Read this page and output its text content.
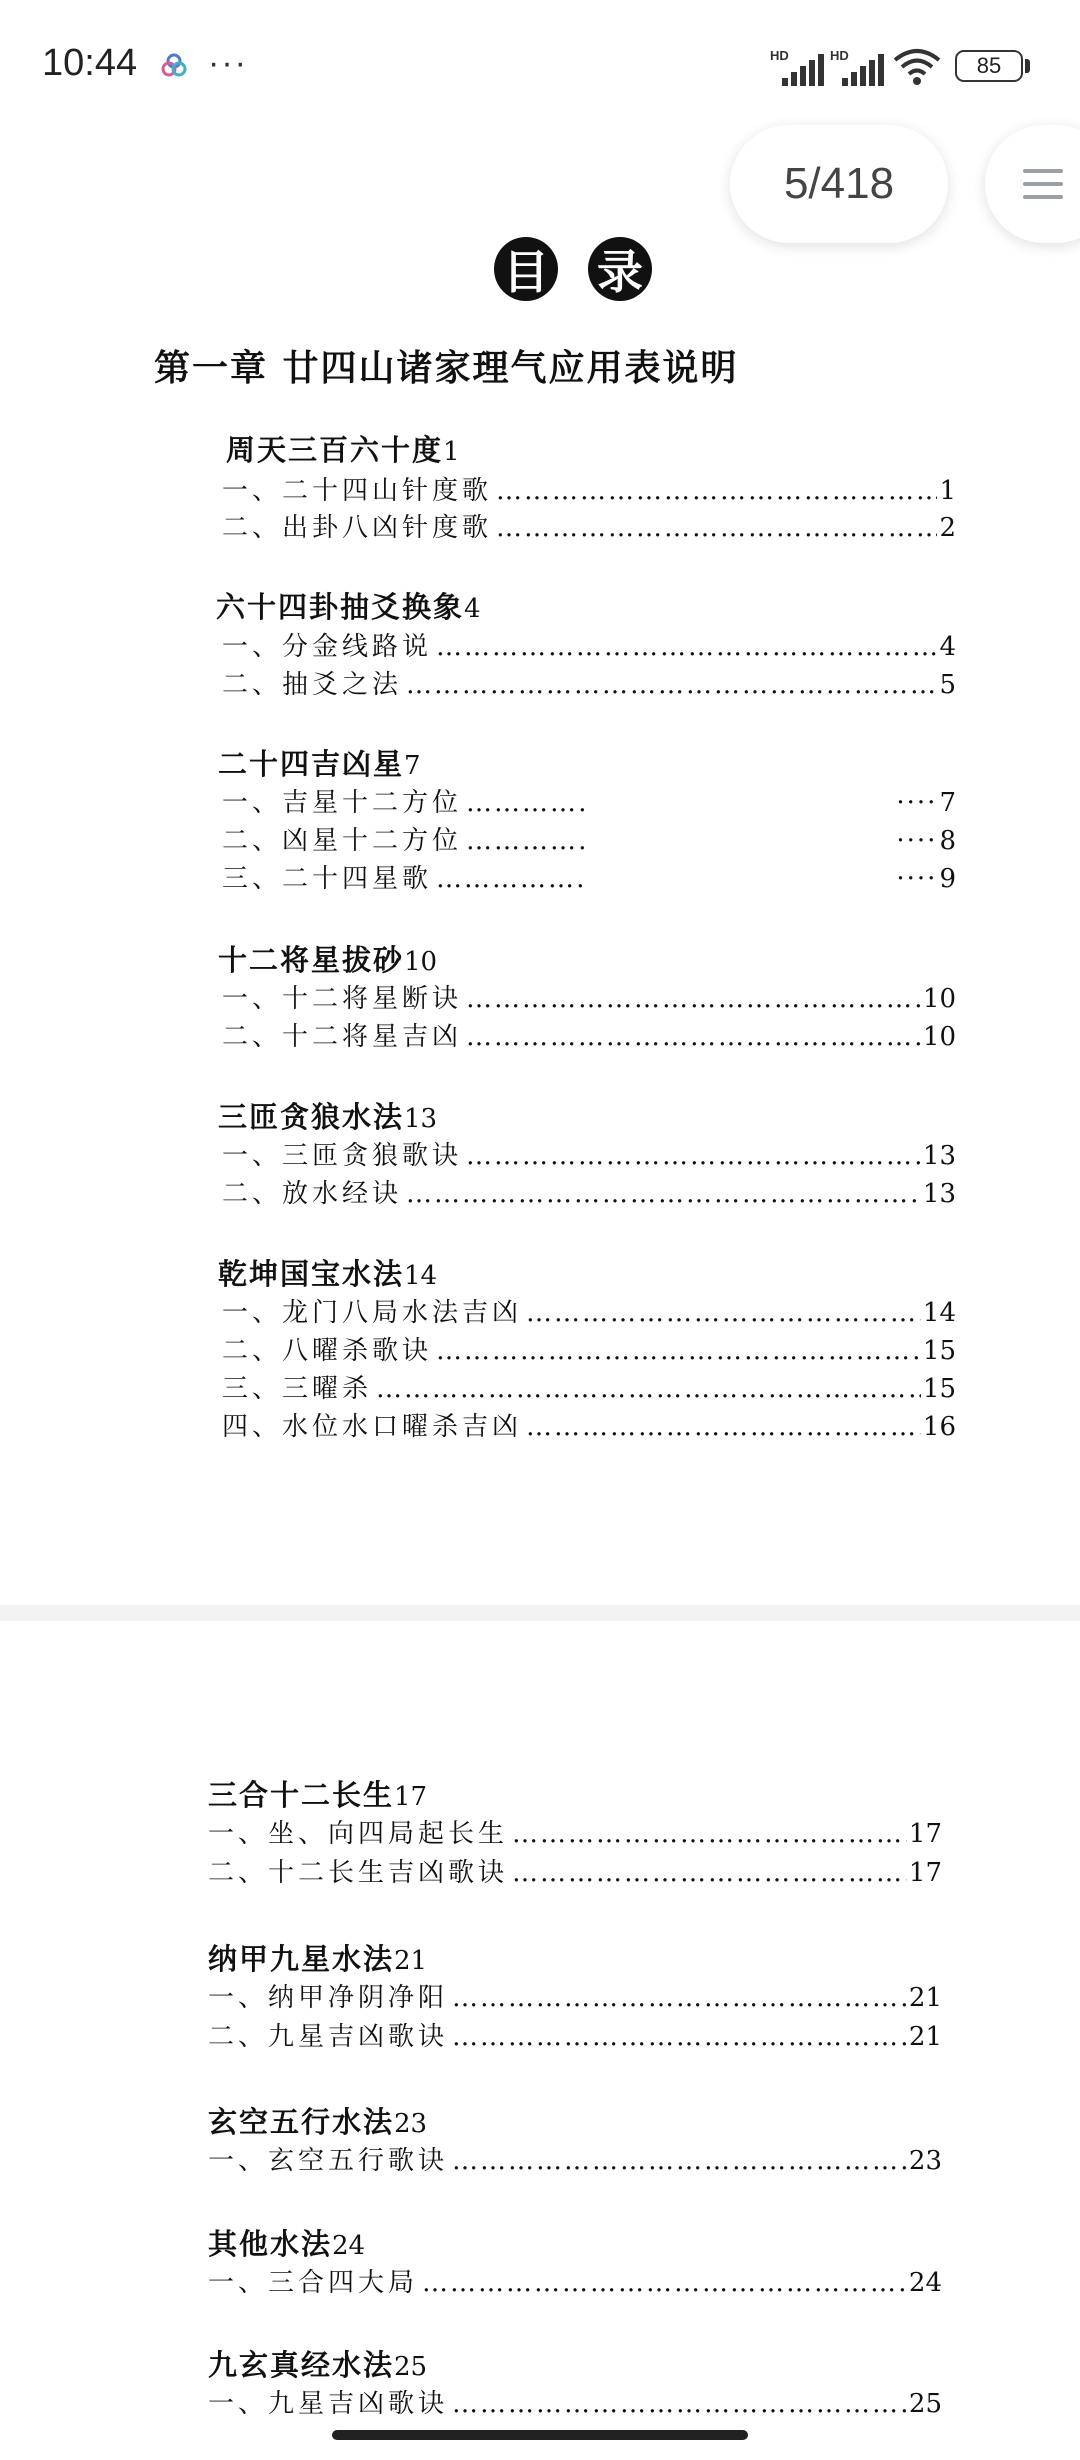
10:44 ···	HD	HD	85
5/418
目 录
第一章 廿四山诸家理气应用表说明
周天三百六十度1
一、二十四山针度歌 ……………………………………………………………………………………………………………………………………	1
二、出卦八凶针度歌 ……………………………………………………………………………………………………………………………………	2
六十四卦抽爻换象4
一、分金线路说 ……………………………………………………………………………………………………………………………………	4
二、抽爻之法 ……………………………………………………………………………………………………………………………………	5
二十四吉凶星7
一、吉星十二方位 ……………………………………………………………………………………………………………………………………	···· 7
二、凶星十二方位 ……………………………………………………………………………………………………………………………………	···· 8
三、二十四星歌 ……………………………………………………………………………………………………………………………………	···· 9
十二将星拔砂10
一、十二将星断诀 ……………………………………………………………………………………………………………………………………	10
二、十二将星吉凶 ……………………………………………………………………………………………………………………………………	10
三匝贪狼水法13
一、三匝贪狼歌诀 ……………………………………………………………………………………………………………………………………	13
二、放水经诀 ……………………………………………………………………………………………………………………………………	13
乾坤国宝水法14
一、龙门八局水法吉凶 ……………………………………………………………………………………………………………………………………	14
二、八曜杀歌诀 ……………………………………………………………………………………………………………………………………	15
三、三曜杀 ……………………………………………………………………………………………………………………………………	15
四、水位水口曜杀吉凶 ……………………………………………………………………………………………………………………………………	16
三合十二长生17
一、坐、向四局起长生 ……………………………………………………………………………………………………………………………………	17
二、十二长生吉凶歌诀 ……………………………………………………………………………………………………………………………………	17
纳甲九星水法21
一、纳甲净阴净阳 ……………………………………………………………………………………………………………………………………	21
二、九星吉凶歌诀 ……………………………………………………………………………………………………………………………………	21
玄空五行水法23
一、玄空五行歌诀 ……………………………………………………………………………………………………………………………………	23
其他水法24
一、三合四大局 ……………………………………………………………………………………………………………………………………	24
九玄真经水法25
一、九星吉凶歌诀 ……………………………………………………………………………………………………………………………………	25
